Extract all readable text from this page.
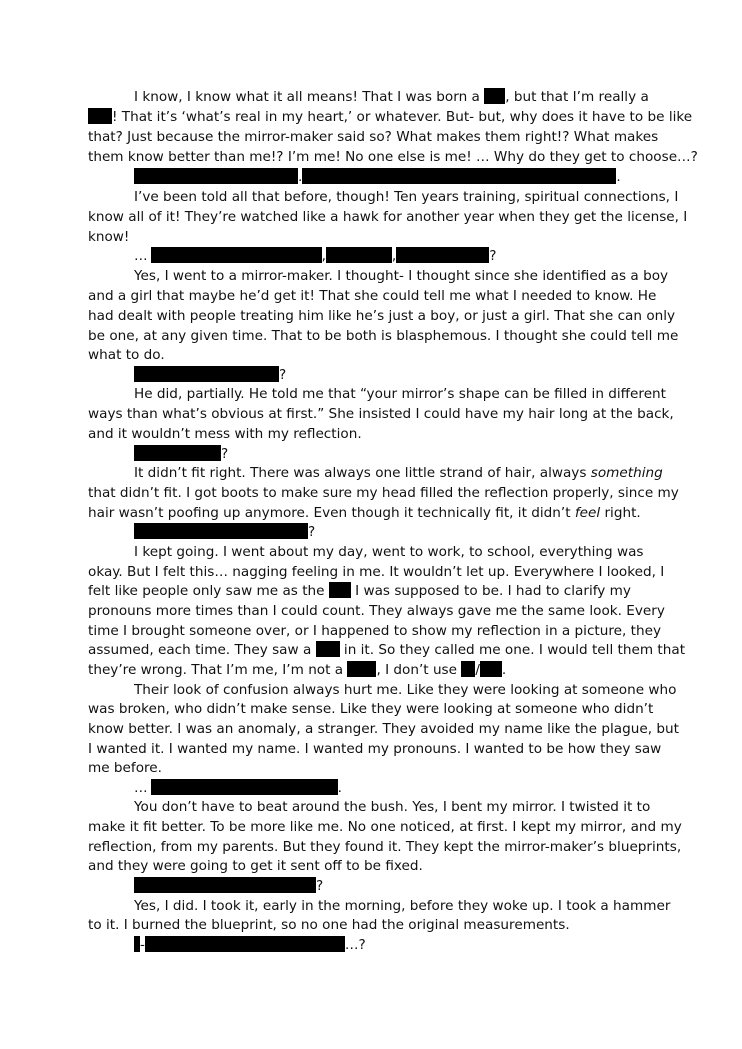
I know, I know what it all means! That I was born a , but that I’m really a
! That it’s ‘what’s real in my heart,’ or whatever. But- but, why does it have to be like
that? Just because the mirror-maker said so? What makes them right!? What makes
them know better than me!? I’m me! No one else is me! … Why do they get to choose…?
.	.
I’ve been told all that before, though! Ten years training, spiritual connections, I
know all of it! They’re watched like a hawk for another year when they get the license, I
know!
…	,	,	?
Yes, I went to a mirror-maker. I thought- I thought since she identified as a boy
and a girl that maybe he’d get it! That she could tell me what I needed to know. He
had dealt with people treating him like he’s just a boy, or just a girl. That she can only
be one, at any given time. That to be both is blasphemous. I thought she could tell me
what to do.
?
He did, partially. He told me that “your mirror’s shape can be filled in different
ways than what’s obvious at first.” She insisted I could have my hair long at the back,
and it wouldn’t mess with my reflection.
?
It didn’t fit right. There was always one little strand of hair, always something
that didn’t fit. I got boots to make sure my head filled the reflection properly, since my
hair wasn’t poofing up anymore. Even though it technically fit, it didn’t feel right.
?
I kept going. I went about my day, went to work, to school, everything was
okay. But I felt this… nagging feeling in me. It wouldn’t let up. Everywhere I looked, I
felt like people only saw me as the  I was supposed to be. I had to clarify my
pronouns more times than I could count. They always gave me the same look. Every
time I brought someone over, or I happened to show my reflection in a picture, they
assumed, each time. They saw a  in it. So they called me one. I would tell them that
they’re wrong. That I’m me, I’m not a , I don’t use / .
Their look of confusion always hurt me. Like they were looking at someone who
was broken, who didn’t make sense. Like they were looking at someone who didn’t
know better. I was an anomaly, a stranger. They avoided my name like the plague, but
I wanted it. I wanted my name. I wanted my pronouns. I wanted to be how they saw
me before.
…	.
You don’t have to beat around the bush. Yes, I bent my mirror. I twisted it to
make it fit better. To be more like me. No one noticed, at first. I kept my mirror, and my
reflection, from my parents. But they found it. They kept the mirror-maker’s blueprints,
and they were going to get it sent off to be fixed.
?
Yes, I did. I took it, early in the morning, before they woke up. I took a hammer
to it. I burned the blueprint, so no one had the original measurements.
-	…?
